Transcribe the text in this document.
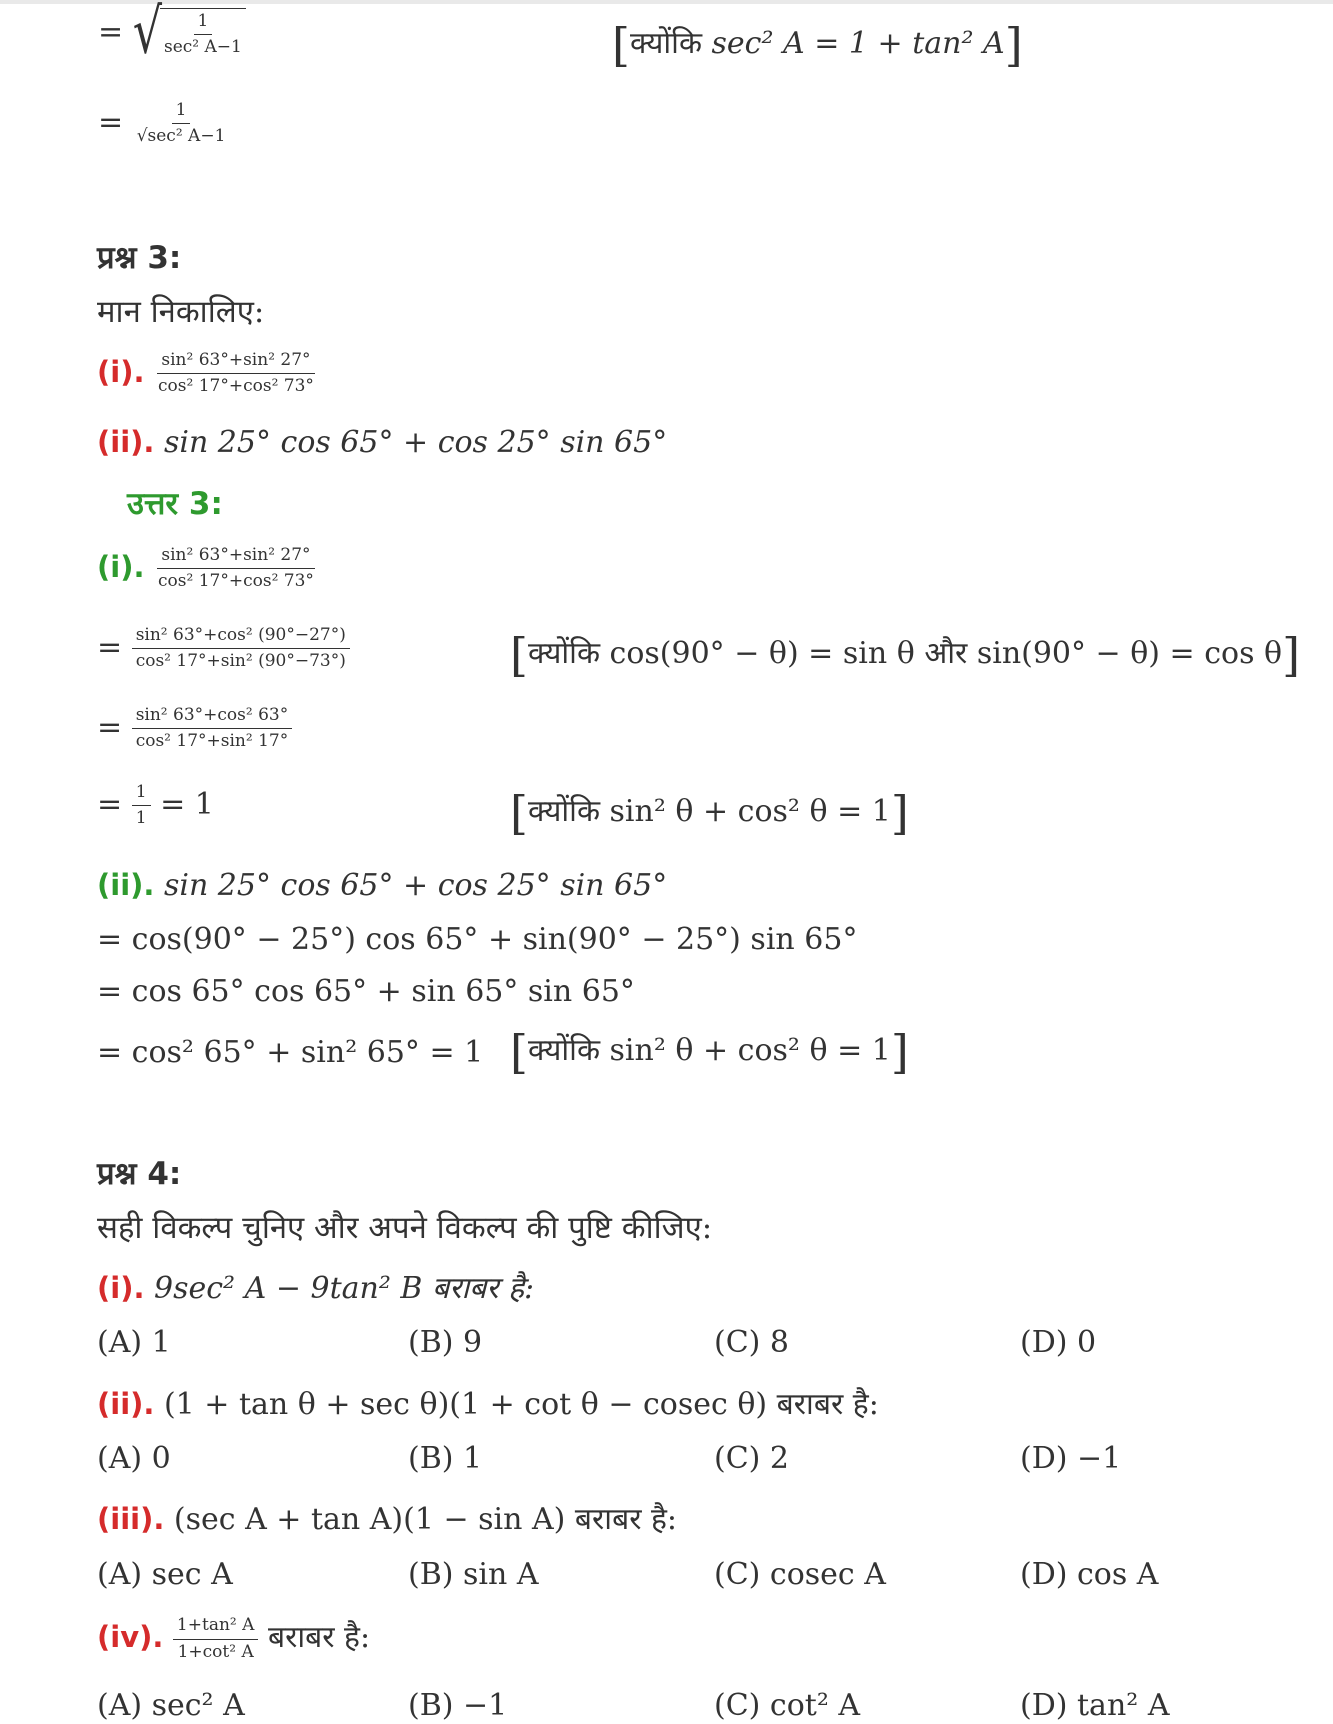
= √
$\frac{1}{\text{sec² A−1}}$	[क्योंकि sec² A = 1 + tan² A]
= $\frac{1}{\text{√sec² A−1}}$
प्रश्न 3:
मान निकालिए:
(i). $\frac{\text{sin² 63°+sin² 27°}}{\text{cos² 17°+cos² 73°}}$
(ii). sin 25° cos 65° + cos 25° sin 65°
उत्तर 3:
(i). $\frac{\text{sin² 63°+sin² 27°}}{\text{cos² 17°+cos² 73°}}$
= $\frac{\text{sin² 63°+cos² (90°−27°)}}{\text{cos² 17°+sin² (90°−73°)}}$	[क्योंकि cos(90° − θ) = sin θ और sin(90° − θ) = cos θ]
= $\frac{\text{sin² 63°+cos² 63°}}{\text{cos² 17°+sin² 17°}}$
= $\frac{1}{1} = 1$	[क्योंकि sin² θ + cos² θ = 1]
(ii). sin 25° cos 65° + cos 25° sin 65°
= cos(90° − 25°) cos 65° + sin(90° − 25°) sin 65°
= cos 65° cos 65° + sin 65° sin 65°
= cos² 65° + sin² 65° = 1 [क्योंकि sin² θ + cos² θ = 1]
प्रश्न 4:
सही विकल्प चुनिए और अपने विकल्प की पुष्टि कीजिए:
(i). 9sec² A − 9tan² B बराबर है:
(A) 1	(B) 9	(C) 8	(D) 0
(ii). (1 + tan θ + sec θ)(1 + cot θ − cosec θ) बराबर है:
(A) 0	(B) 1	(C) 2	(D) −1
(iii). (sec A + tan A)(1 − sin A) बराबर है:
(A) sec A	(B) sin A	(C) cosec A	(D) cos A
(iv). $\frac{\text{1+tan² A}}{\text{1+cot² A}}$ बराबर है:
(A) sec² A	(B) −1	(C) cot² A	(D) tan² A
